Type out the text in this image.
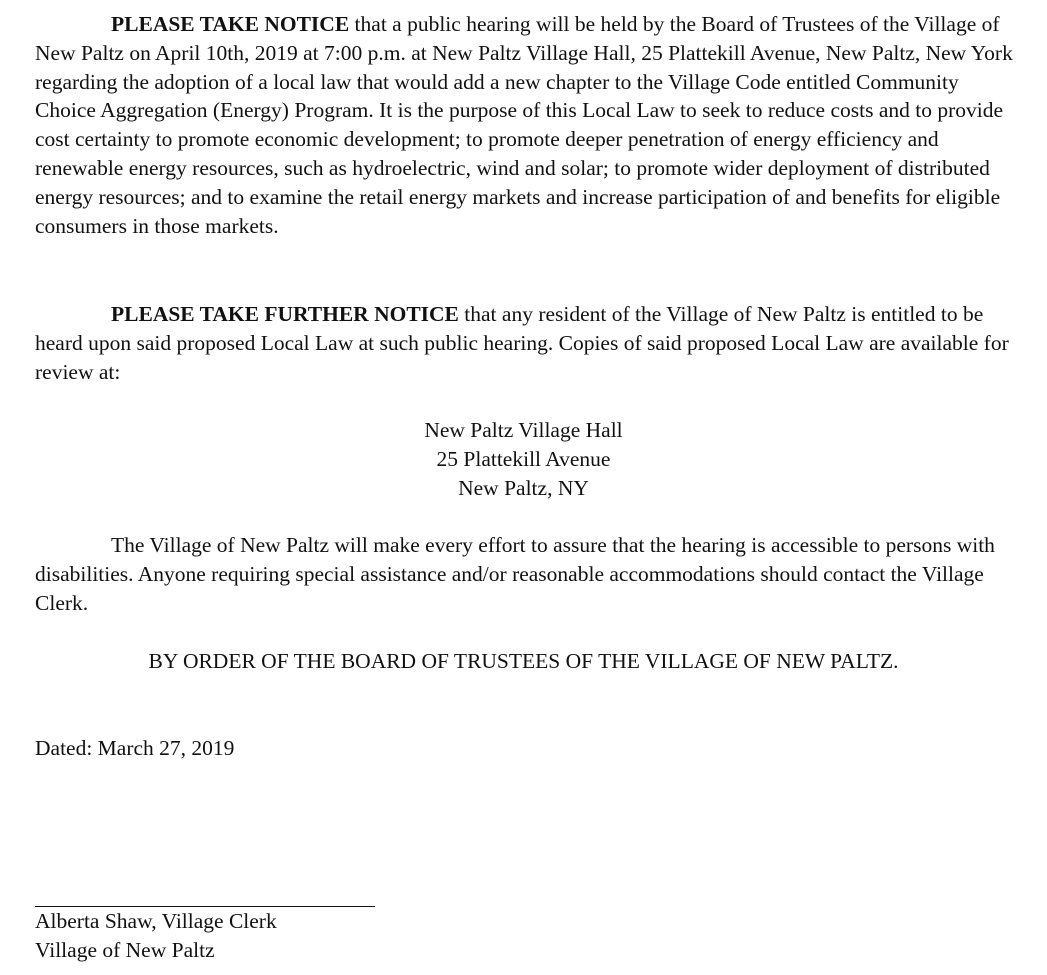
PLEASE TAKE NOTICE that a public hearing will be held by the Board of Trustees of the Village of New Paltz on April 10th, 2019 at 7:00 p.m. at New Paltz Village Hall, 25 Plattekill Avenue, New Paltz, New York regarding the adoption of a local law that would add a new chapter to the Village Code entitled Community Choice Aggregation (Energy) Program. It is the purpose of this Local Law to seek to reduce costs and to provide cost certainty to promote economic development; to promote deeper penetration of energy efficiency and renewable energy resources, such as hydroelectric, wind and solar; to promote wider deployment of distributed energy resources; and to examine the retail energy markets and increase participation of and benefits for eligible consumers in those markets.

PLEASE TAKE FURTHER NOTICE that any resident of the Village of New Paltz is entitled to be heard upon said proposed Local Law at such public hearing. Copies of said proposed Local Law are available for review at:

New Paltz Village Hall
25 Plattekill Avenue
New Paltz, NY

The Village of New Paltz will make every effort to assure that the hearing is accessible to persons with disabilities. Anyone requiring special assistance and/or reasonable accommodations should contact the Village Clerk.

BY ORDER OF THE BOARD OF TRUSTEES OF THE VILLAGE OF NEW PALTZ.
Dated: March 27, 2019
Alberta Shaw, Village Clerk
Village of New Paltz
